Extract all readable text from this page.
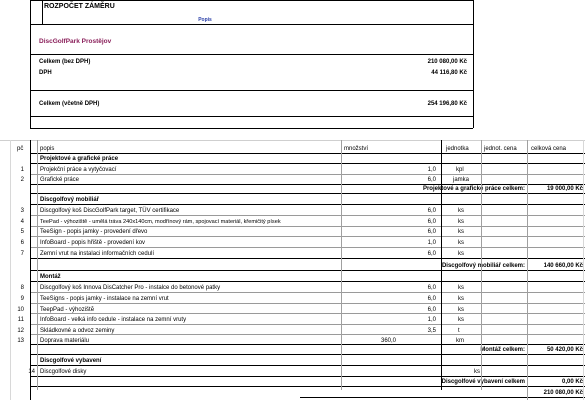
ROZPOČET ZÁMĚRU
Popis
DiscGolfPark Prostějov
Celkem (bez DPH)	210 080,00 Kč
DPH	44 116,80 Kč
Celkem (včetně DPH)	254 196,80 Kč
pč	popis	množství	jednotka	jednot. cena celková cena
Projektové a grafické práce
1	Projekční práce a vytyčovací	1,0	kpl
2	Grafické práce	6,0	jamka
Projektové a grafické práce celkem:	19 000,00 Kč
Discgolfový mobiliář
3	Discgolfový koš DiscGolfPark target, TÜV certifikace	6,0	ks
4	TeePad - výhozištĕ - umělá tráva 240x140cm, modřínový rám, spojovací materiál, křemičitý písek	6,0	ks
5	TeeSign - popis jamky - provedení dřevo	6,0	ks
6	InfoBoard - popis hřiště - provedení kov	1,0	ks
7	Zemní vrut na instalaci informačních cedulí	6,0	ks
Discgolfový mobiliář celkem:	140 660,00 Kč
Montáž
8	Discgolfový koš Innova DisCatcher Pro - instalce do betonové patky	6,0	ks
9	TeeSigns - popis jamky - instalace na zemní vrut	6,0	ks
10	TeepPad - výhozištĕ	6,0	ks
11	InfoBoard - velká info cedule - instalace na zemní vruty	1,0	ks
12	Skládkovné a odvoz zeminy	3,5	t
13	Doprava materiálu	360,0	km
Montáž celkem:	50 420,00 Kč
Discgolfové vybavení
14 Discgolfové disky	ks
Discgolfové vybavení celkem	0,00 Kč
210 080,00 Kč
